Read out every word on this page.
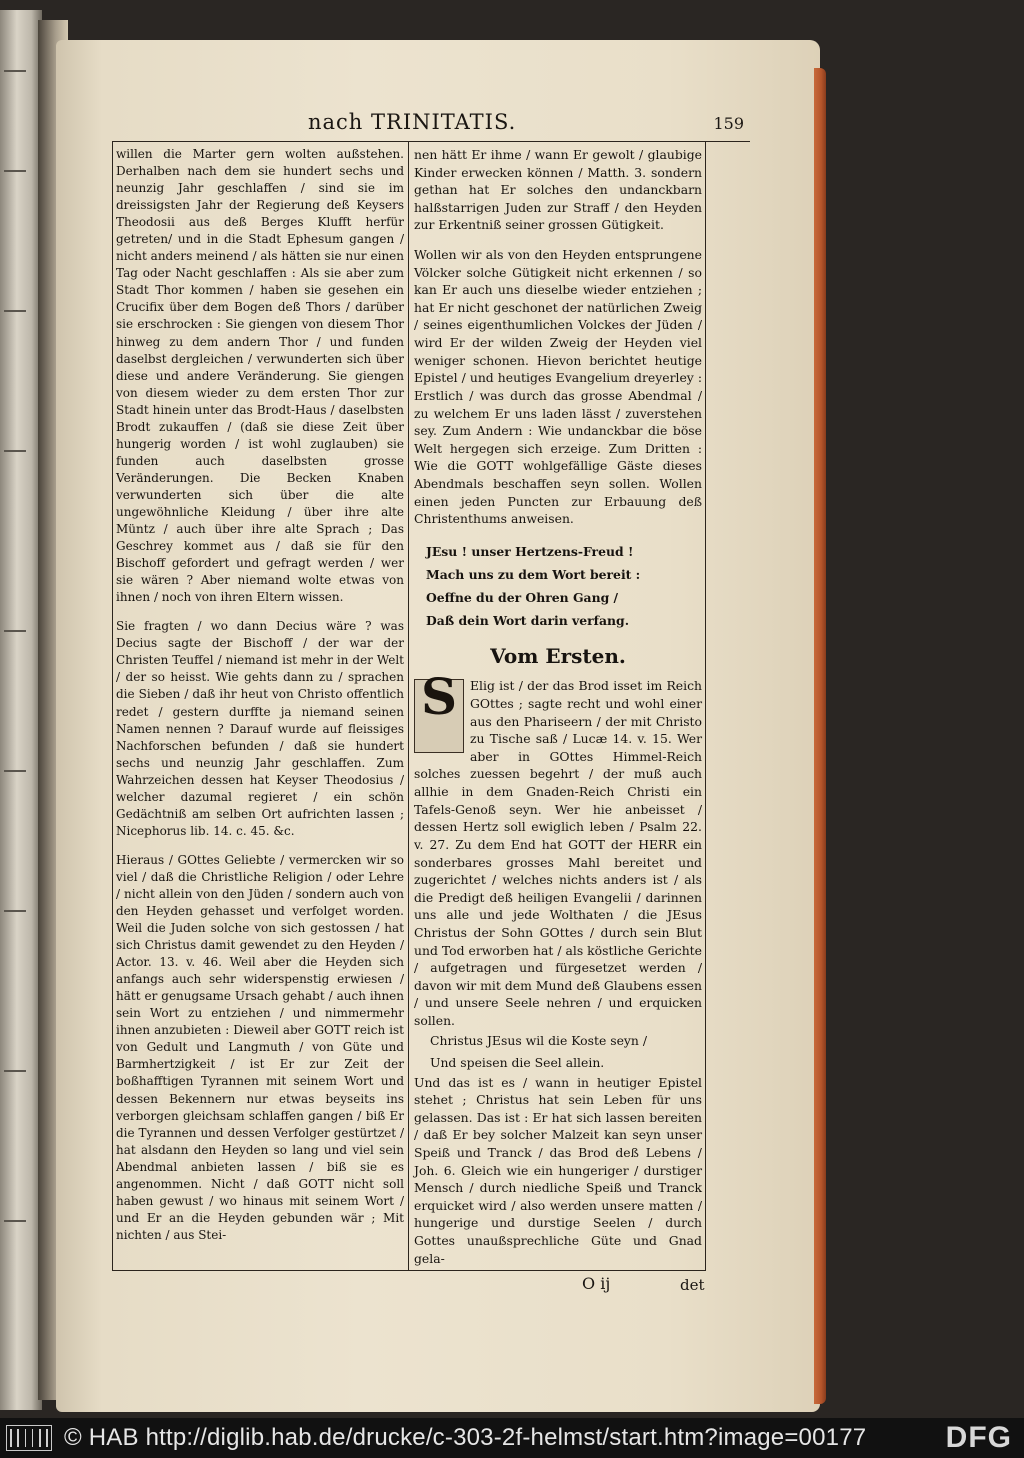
nach TRINITATIS.	159

willen die Marter gern wolten außstehen. Derhalben nach dem sie hundert sechs und neunzig Jahr geschlaffen / sind sie im dreissigsten Jahr der Regierung deß Keysers Theodosii aus deß Berges Klufft herfür getreten/ und in die Stadt Ephesum gangen / nicht anders meinend / als hätten sie nur einen Tag oder Nacht geschlaffen : Als sie aber zum Stadt Thor kommen / haben sie gesehen ein Crucifix über dem Bogen deß Thors / darüber sie erschrocken : Sie giengen von diesem Thor hinweg zu dem andern Thor / und funden daselbst dergleichen / verwunderten sich über diese und andere Veränderung. Sie giengen von diesem wieder zu dem ersten Thor zur Stadt hinein unter das Brodt-Haus / daselbsten Brodt zukauffen / (daß sie diese Zeit über hungerig worden / ist wohl zuglauben) sie funden auch daselbsten grosse Veränderungen. Die Becken Knaben verwunderten sich über die alte ungewöhnliche Kleidung / über ihre alte Müntz / auch über ihre alte Sprach ; Das Geschrey kommet aus / daß sie für den Bischoff gefordert und gefragt werden / wer sie wären ? Aber niemand wolte etwas von ihnen / noch von ihren Eltern wissen.

Sie fragten / wo dann Decius wäre ? was Decius sagte der Bischoff / der war der Christen Teuffel / niemand ist mehr in der Welt / der so heisst. Wie gehts dann zu / sprachen die Sieben / daß ihr heut von Christo offentlich redet / gestern durffte ja niemand seinen Namen nennen ? Darauf wurde auf fleissiges Nachforschen befunden / daß sie hundert sechs und neunzig Jahr geschlaffen. Zum Wahrzeichen dessen hat Keyser Theodosius / welcher dazumal regieret / ein schön Gedächtniß am selben Ort aufrichten lassen ; Nicephorus lib. 14. c. 45. &c.

Hieraus / GOttes Geliebte / vermercken wir so viel / daß die Christliche Religion / oder Lehre / nicht allein von den Jüden / sondern auch von den Heyden gehasset und verfolget worden. Weil die Juden solche von sich gestossen / hat sich Christus damit gewendet zu den Heyden / Actor. 13. v. 46. Weil aber die Heyden sich anfangs auch sehr widerspenstig erwiesen / hätt er genugsame Ursach gehabt / auch ihnen sein Wort zu entziehen / und nimmermehr ihnen anzubieten : Dieweil aber GOTT reich ist von Gedult und Langmuth / von Güte und Barmhertzigkeit / ist Er zur Zeit der boßhafftigen Tyrannen mit seinem Wort und dessen Bekennern nur etwas beyseits ins verborgen gleichsam schlaffen gangen / biß Er die Tyrannen und dessen Verfolger gestürtzet / hat alsdann den Heyden so lang und viel sein Abendmal anbieten lassen / biß sie es angenommen. Nicht / daß GOTT nicht soll haben gewust / wo hinaus mit seinem Wort / und Er an die Heyden gebunden wär ; Mit nichten / aus Stei-

nen hätt Er ihme / wann Er gewolt / glaubige Kinder erwecken können / Matth. 3. sondern gethan hat Er solches den undanckbarn halßstarrigen Juden zur Straff / den Heyden zur Erkentniß seiner grossen Gütigkeit.

Wollen wir als von den Heyden entsprungene Völcker solche Gütigkeit nicht erkennen / so kan Er auch uns dieselbe wieder entziehen ; hat Er nicht geschonet der natürlichen Zweig / seines eigenthumlichen Volckes der Jüden / wird Er der wilden Zweig der Heyden viel weniger schonen. Hievon berichtet heutige Epistel / und heutiges Evangelium dreyerley : Erstlich / was durch das grosse Abendmal / zu welchem Er uns laden lässt / zuverstehen sey. Zum Andern : Wie undanckbar die böse Welt hergegen sich erzeige. Zum Dritten : Wie die GOTT wohlgefällige Gäste dieses Abendmals beschaffen seyn sollen. Wollen einen jeden Puncten zur Erbauung deß Christenthums anweisen.

JEsu ! unser Hertzens-Freud !

Mach uns zu dem Wort bereit :

Oeffne du der Ohren Gang /

Daß dein Wort darin verfang.

Vom Ersten.

S	Elig ist / der das Brod isset im Reich GOttes ; sagte recht und wohl einer aus den Phariseern / der mit Christo zu Tische saß / Lucæ 14. v. 15. Wer aber in GOttes Himmel-Reich solches zuessen begehrt / der muß auch allhie in dem Gnaden-Reich Christi ein Tafels-Genoß seyn. Wer hie anbeisset / dessen Hertz soll ewiglich leben / Psalm 22. v. 27. Zu dem End hat GOTT der HERR ein sonderbares grosses Mahl bereitet und zugerichtet / welches nichts anders ist / als die Predigt deß heiligen Evangelii / darinnen uns alle und jede Wolthaten / die JEsus Christus der Sohn GOttes / durch sein Blut und Tod erworben hat / als köstliche Gerichte / aufgetragen und fürgesetzet werden / davon wir mit dem Mund deß Glaubens essen / und unsere Seele nehren / und erquicken sollen.

Christus JEsus wil die Koste seyn /

Und speisen die Seel allein.

Und das ist es / wann in heutiger Epistel stehet ; Christus hat sein Leben für uns gelassen. Das ist : Er hat sich lassen bereiten / daß Er bey solcher Malzeit kan seyn unser Speiß und Tranck / das Brod deß Lebens / Joh. 6. Gleich wie ein hungeriger / durstiger Mensch / durch niedliche Speiß und Tranck erquicket wird / also werden unsere matten / hungerige und durstige Seelen / durch Gottes unaußsprechliche Güte und Gnad gela-

O ij	det
© HAB http://diglib.hab.de/drucke/c-303-2f-helmst/start.htm?image=00177	DFG
